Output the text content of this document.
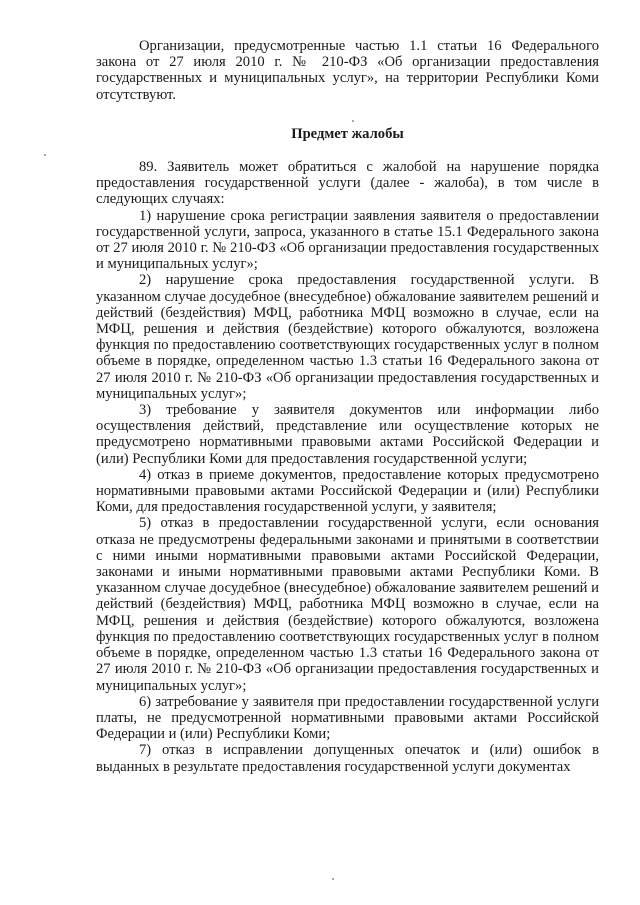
Организации, предусмотренные частью 1.1 статьи 16 Федерального закона от 27 июля 2010 г. № 210-ФЗ «Об организации предоставления государственных и муниципальных услуг», на территории Республики Коми отсутствуют.

Предмет жалобы

89. Заявитель может обратиться с жалобой на нарушение порядка предоставления государственной услуги (далее - жалоба), в том числе в следующих случаях:

1) нарушение срока регистрации заявления заявителя о предоставлении государственной услуги, запроса, указанного в статье 15.1 Федерального закона от 27 июля 2010 г. № 210-ФЗ «Об организации предоставления государственных и муниципальных услуг»;

2) нарушение срока предоставления государственной услуги. В указанном случае досудебное (внесудебное) обжалование заявителем решений и действий (бездействия) МФЦ, работника МФЦ возможно в случае, если на МФЦ, решения и действия (бездействие) которого обжалуются, возложена функция по предоставлению соответствующих государственных услуг в полном объеме в порядке, определенном частью 1.3 статьи 16 Федерального закона от 27 июля 2010 г. № 210-ФЗ «Об организации предоставления государственных и муниципальных услуг»;

3) требование у заявителя документов или информации либо осуществления действий, представление или осуществление которых не предусмотрено нормативными правовыми актами Российской Федерации и (или) Республики Коми для предоставления государственной услуги;

4) отказ в приеме документов, предоставление которых предусмотрено нормативными правовыми актами Российской Федерации и (или) Республики Коми, для предоставления государственной услуги, у заявителя;

5) отказ в предоставлении государственной услуги, если основания отказа не предусмотрены федеральными законами и принятыми в соответствии с ними иными нормативными правовыми актами Российской Федерации, законами и иными нормативными правовыми актами Республики Коми. В указанном случае досудебное (внесудебное) обжалование заявителем решений и действий (бездействия) МФЦ, работника МФЦ возможно в случае, если на МФЦ, решения и действия (бездействие) которого обжалуются, возложена функция по предоставлению соответствующих государственных услуг в полном объеме в порядке, определенном частью 1.3 статьи 16 Федерального закона от 27 июля 2010 г. № 210-ФЗ «Об организации предоставления государственных и муниципальных услуг»;

6) затребование у заявителя при предоставлении государственной услуги платы, не предусмотренной нормативными правовыми актами Российской Федерации и (или) Республики Коми;

7) отказ в исправлении допущенных опечаток и (или) ошибок в выданных в результате предоставления государственной услуги документах
